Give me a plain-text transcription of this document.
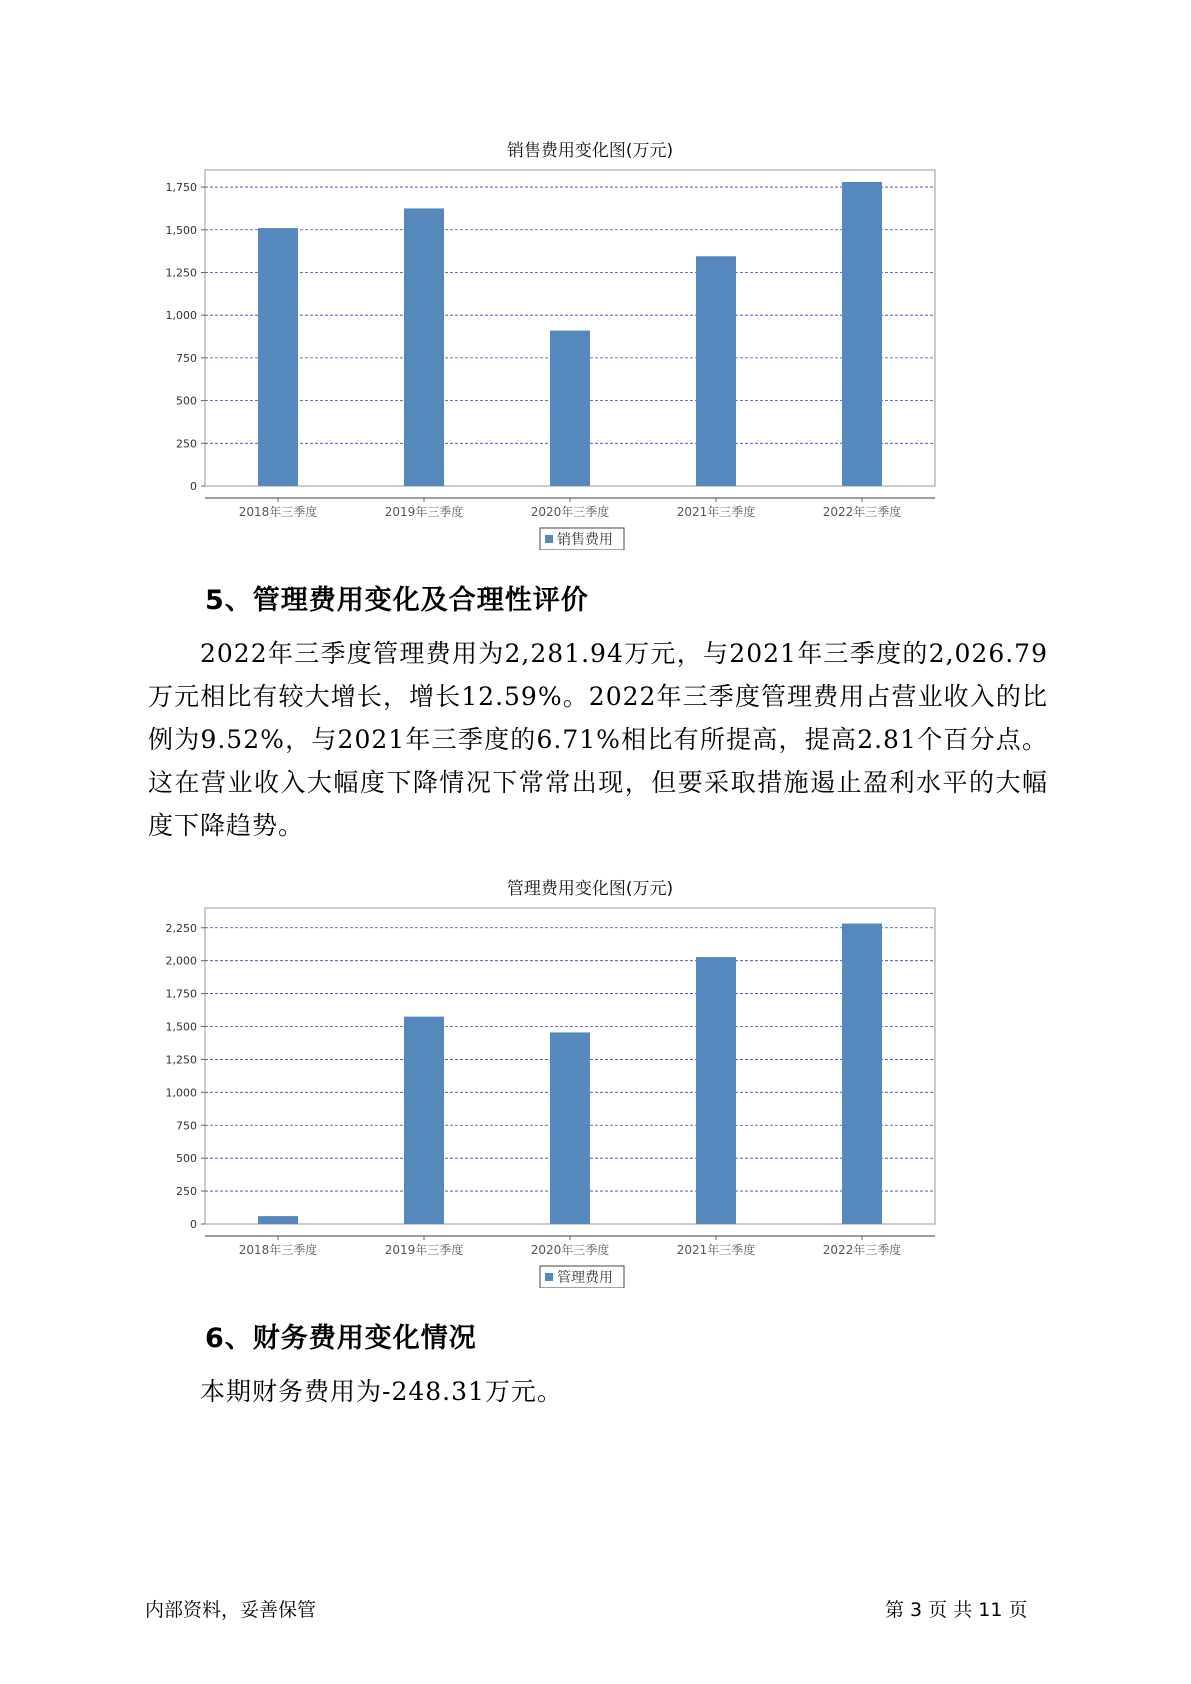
销售费用变化图(万元)
0
250
500
750
1,000
1,250
1,500
1,750
2018年三季度	2019年三季度	2020年三季度	2021年三季度	2022年三季度
销售费用
5、管理费用变化及合理性评价
2022年三季度管理费用为2,281.94万元，与2021年三季度的2,026.79万元相比有较大增长，增长12.59%。2022年三季度管理费用占营业收入的比例为9.52%，与2021年三季度的6.71%相比有所提高，提高2.81个百分点。这在营业收入大幅度下降情况下常常出现，但要采取措施遏止盈利水平的大幅度下降趋势。
管理费用变化图(万元)
0
250
500
750
1,000
1,250
1,500
1,750
2,000
2,250
2018年三季度	2019年三季度	2020年三季度	2021年三季度	2022年三季度
管理费用
6、财务费用变化情况
本期财务费用为-248.31万元。
内部资料，妥善保管	第 3 页 共 11 页
